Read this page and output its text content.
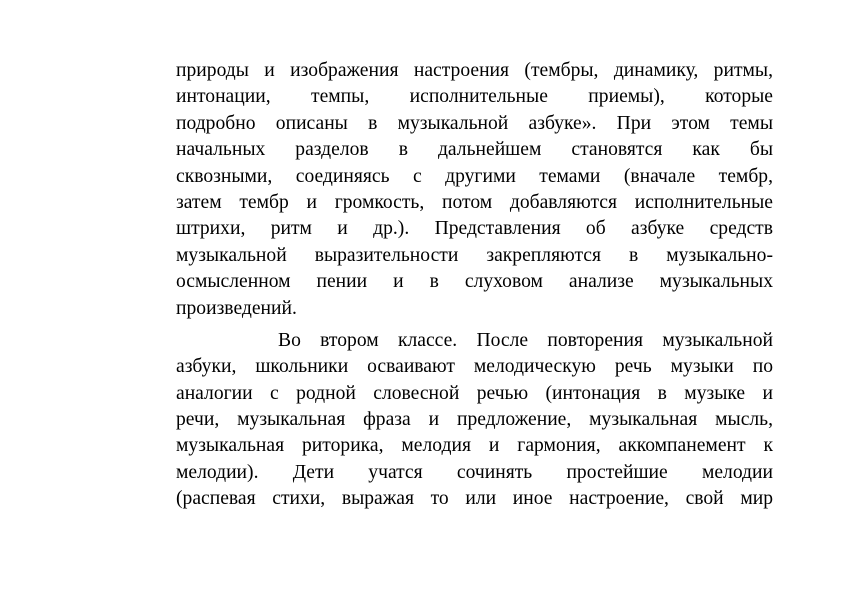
природы и изображения настроения (тембры, динамику, ритмы,
интонации, темпы, исполнительные приемы), которые
подробно описаны в музыкальной азбуке». При этом темы
начальных разделов в дальнейшем становятся как бы
сквозными, соединяясь с другими темами (вначале тембр,
затем тембр и громкость, потом добавляются исполнительные
штрихи, ритм и др.). Представления об азбуке средств
музыкальной выразительности закрепляются в музыкально-
осмысленном пении и в слуховом анализе музыкальных
произведений.

Во втором классе. После повторения музыкальной
азбуки, школьники осваивают мелодическую речь музыки по
аналогии с родной словесной речью (интонация в музыке и
речи, музыкальная фраза и предложение, музыкальная мысль,
музыкальная риторика, мелодия и гармония, аккомпанемент к
мелодии). Дети учатся сочинять простейшие мелодии
(распевая стихи, выражая то или иное настроение, свой мир
